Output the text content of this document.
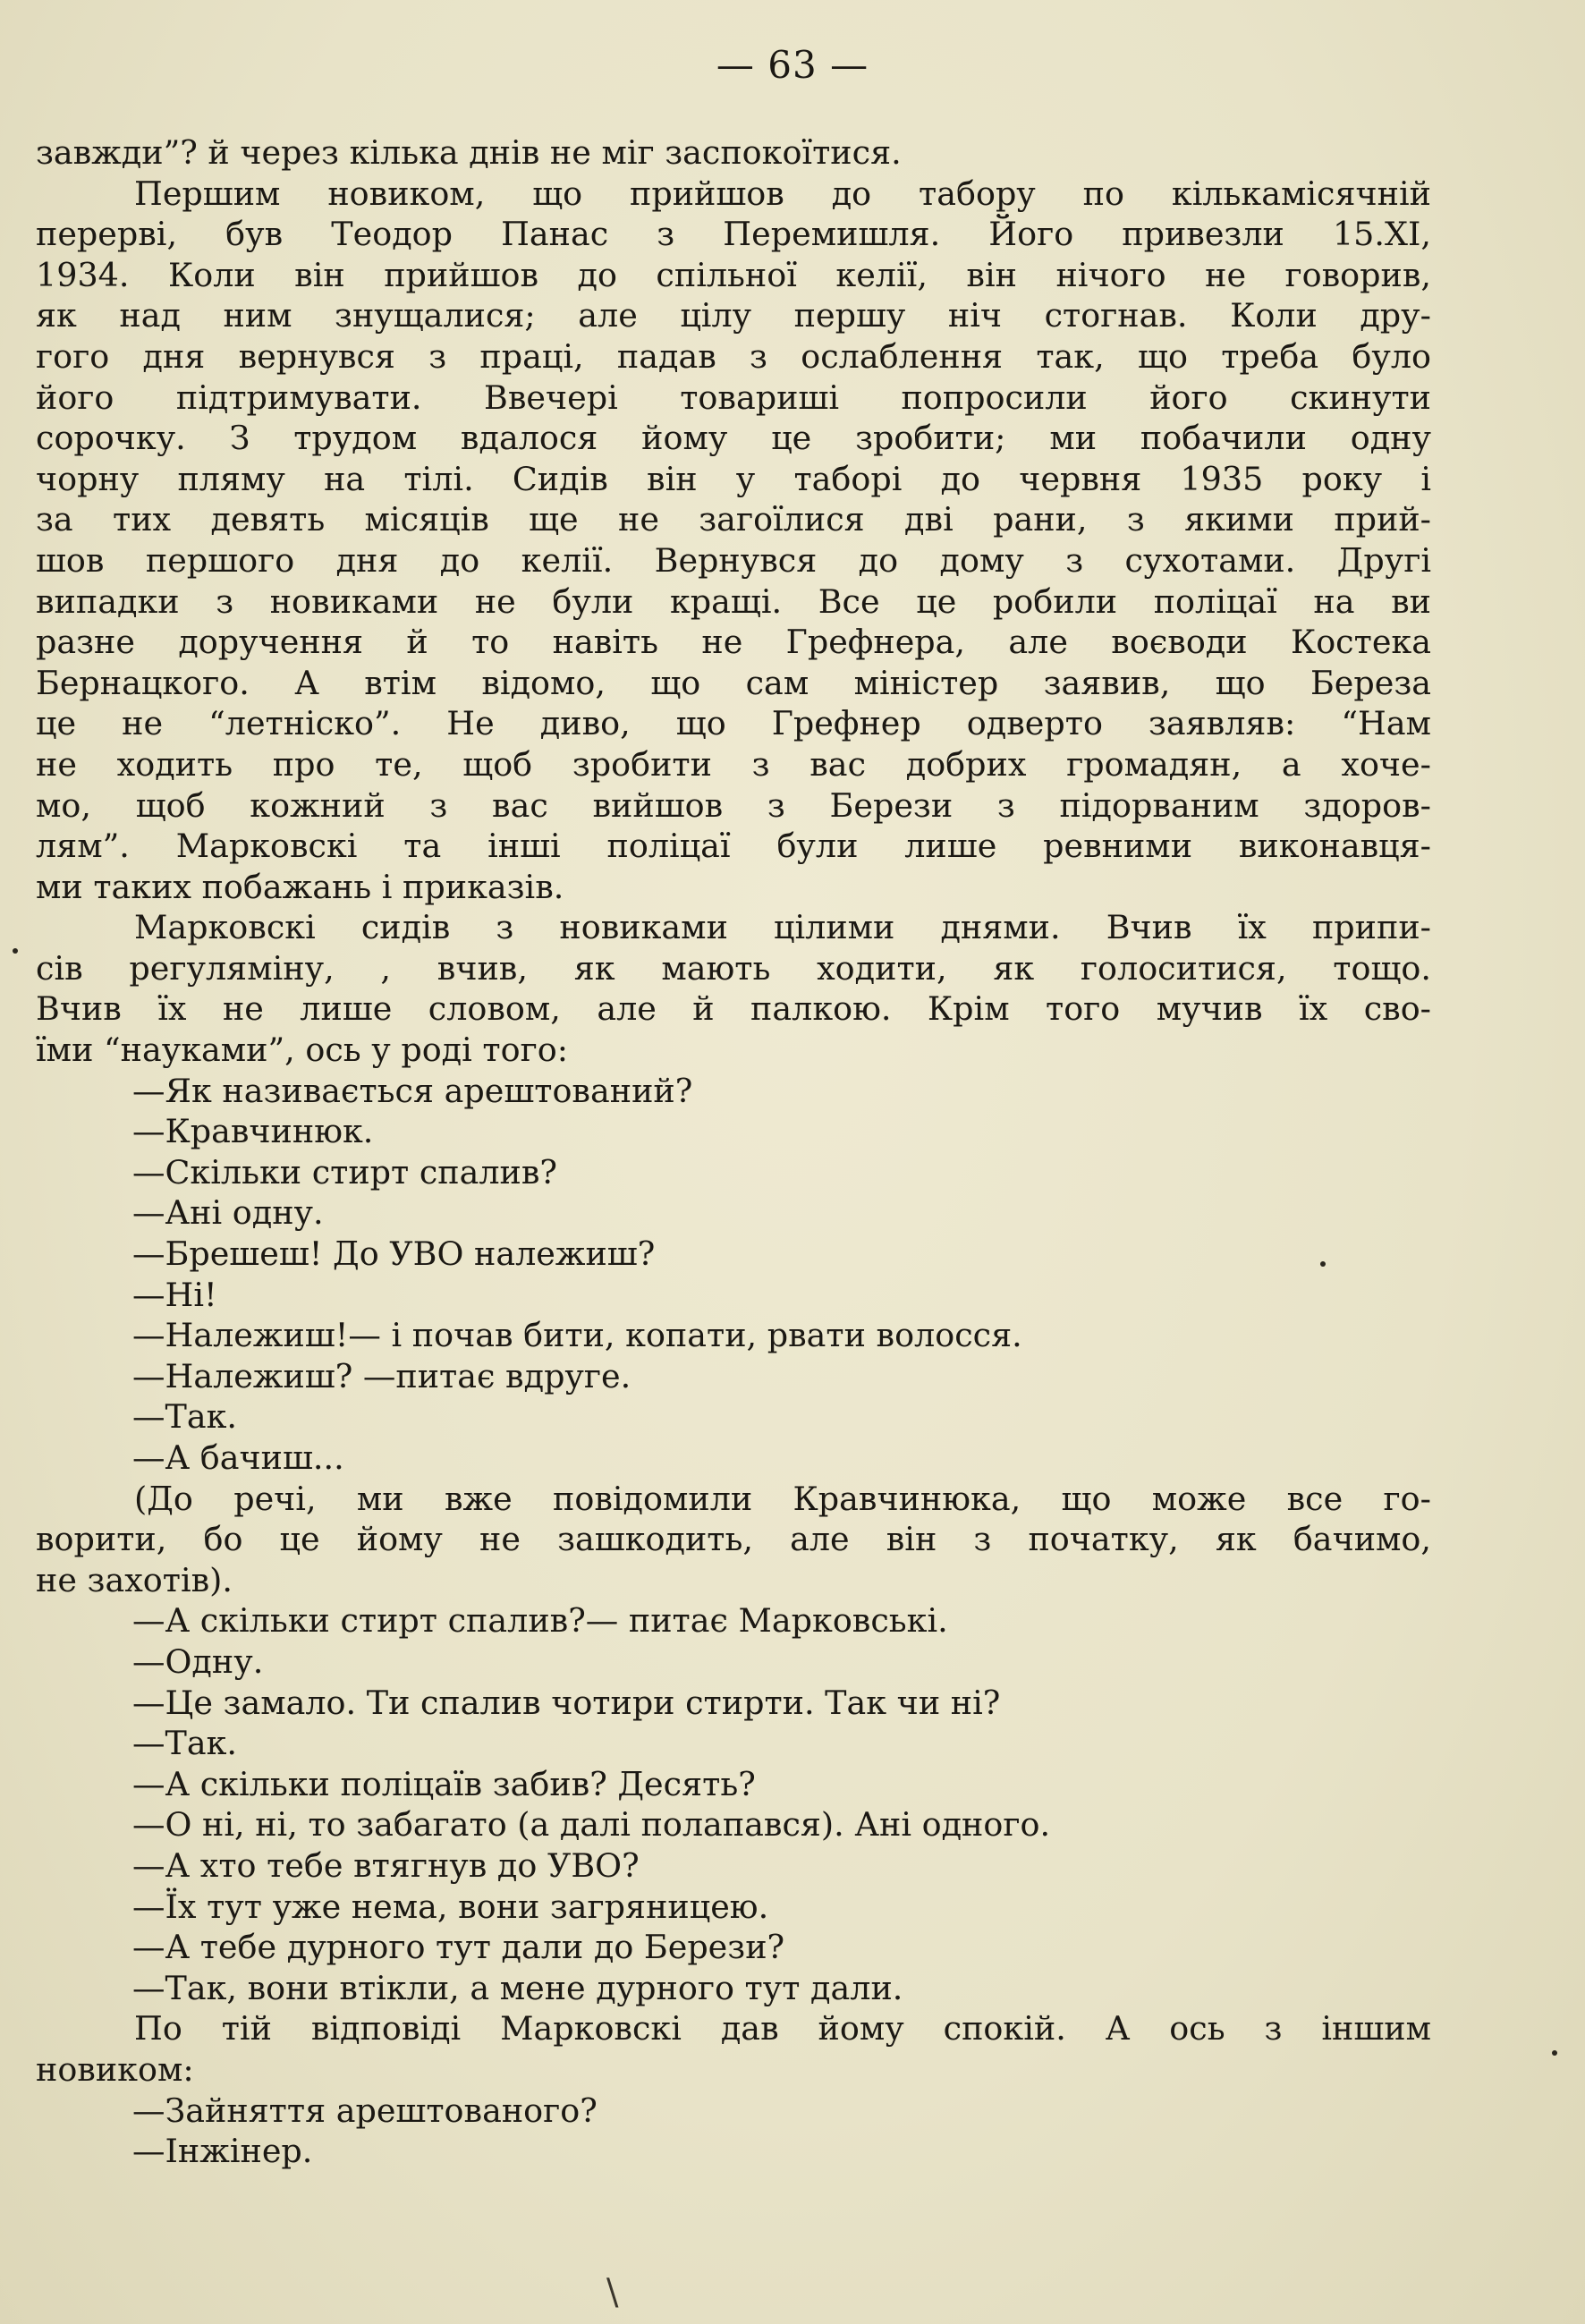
— 63 —
завжди”? й через кілька днів не міг заспокоїтися.
Першим новиком, що прийшов до табору по кількамісячній
перерві, був Теодор Панас з Перемишля. Його привезли 15.XI,
1934. Коли він прийшов до спільної келії, він нічого не говорив,
як над ним знущалися; але цілу першу ніч стогнав. Коли дру-
гого дня вернувся з праці, падав з ослаблення так, що треба було
його підтримувати. Ввечері товариші попросили його скинути
сорочку. З трудом вдалося йому це зробити; ми побачили одну
чорну пляму на тілі. Сидів він у таборі до червня 1935 року і
за тих девять місяців ще не загоїлися дві рани, з якими прий-
шов першого дня до келії. Вернувся до дому з сухотами. Другі
випадки з новиками не були кращі. Все це робили поліцаї на ви
разне доручення й то навіть не Грефнера, але воєводи Костека
Бернацкого. А втім відомо, що сам міністер заявив, що Береза
це не “летніско”. Не диво, що Грефнер одверто заявляв: “Нам
не ходить про те, щоб зробити з вас добрих громадян, а хоче-
мо, щоб кожний з вас вийшов з Берези з підорваним здоров-
лям”. Марковскі та інші поліцаї були лише ревними виконавця-
ми таких побажань і приказів.
Марковскі сидів з новиками цілими днями. Вчив їх припи-
сів регуляміну, , вчив, як мають ходити, як голоситися, тощо.
Вчив їх не лише словом, але й палкою. Крім того мучив їх сво-
їми “науками”, ось у роді того:
—Як називається арештований?
—Кравчинюк.
—Скільки стирт спалив?
—Ані одну.
—Брешеш! До УВО належиш?
—Ні!
—Належиш!— і почав бити, копати, рвати волосся.
—Належиш? —питає вдруге.
—Так.
—А бачиш...
(До речі, ми вже повідомили Кравчинюка, що може все го-
ворити, бо це йому не зашкодить, але він з початку, як бачимо,
не захотів).
—А скільки стирт спалив?— питає Марковські.
—Одну.
—Це замало. Ти спалив чотири стирти. Так чи ні?
—Так.
—А скільки поліцаїв забив? Десять?
—О ні, ні, то забагато (а далі полапався). Ані одного.
—А хто тебе втягнув до УВО?
—Їх тут уже нема, вони загряницею.
—А тебе дурного тут дали до Берези?
—Так, вони втікли, а мене дурного тут дали.
По тій відповіді Марковскі дав йому спокій. А ось з іншим
новиком:
—Зайняття арештованого?
—Інжінер.
\
